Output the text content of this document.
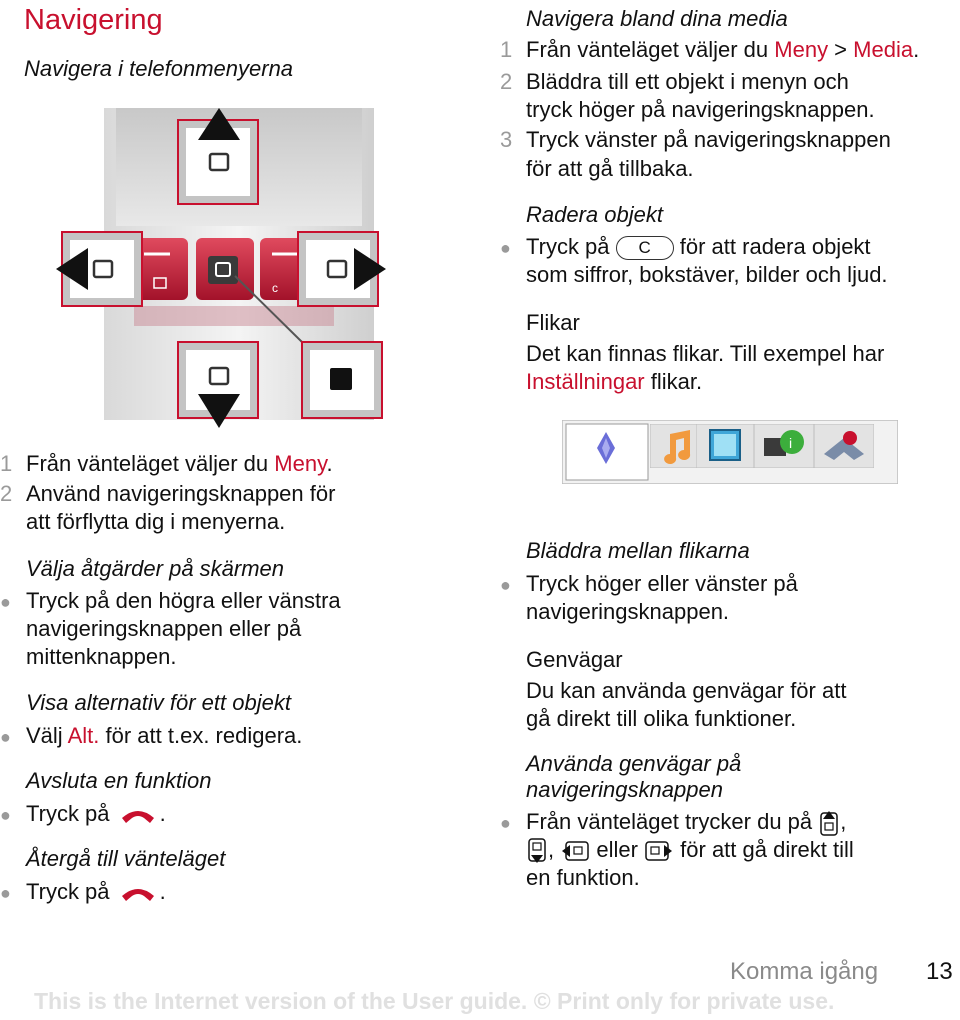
Navigering
Navigera i telefonmenyerna
c
1 Från vänteläget väljer du Meny.
2 Använd navigeringsknappen för
att förflytta dig i menyerna.
Välja åtgärder på skärmen
● Tryck på den högra eller vänstra
navigeringsknappen eller på
mittenknappen.
Visa alternativ för ett objekt
● Välj Alt. för att t.ex. redigera.
Avsluta en funktion
● Tryck på .
Återgå till vänteläget
● Tryck på .
Navigera bland dina media
1 Från vänteläget väljer du Meny > Media.
2 Bläddra till ett objekt i menyn och
tryck höger på navigeringsknappen.
3 Tryck vänster på navigeringsknappen
för att gå tillbaka.
Radera objekt
● Tryck på C för att radera objekt
som siffror, bokstäver, bilder och ljud.
Flikar
Det kan finnas flikar. Till exempel har
Inställningar flikar.
i
Bläddra mellan flikarna
● Tryck höger eller vänster på
navigeringsknappen.
Genvägar
Du kan använda genvägar för att
gå direkt till olika funktioner.
Använda genvägar på
navigeringsknappen
● Från vänteläget trycker du på ,
,  eller  för att gå direkt till
en funktion.
Komma igång 13
This is the Internet version of the User guide. © Print only for private use.
